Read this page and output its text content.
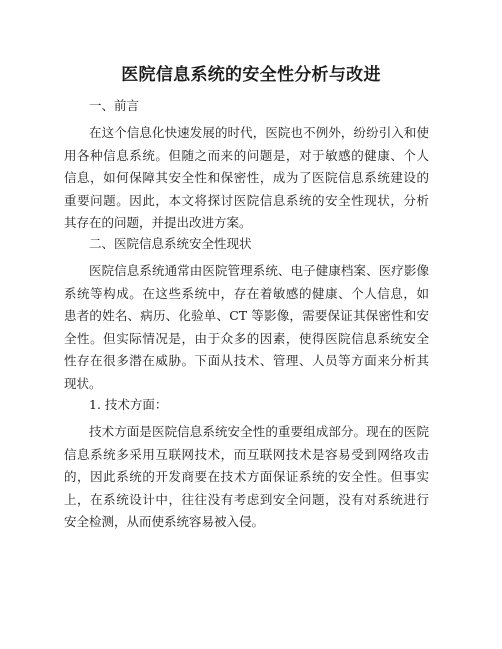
医院信息系统的安全性分析与改进
一、前言
在这个信息化快速发展的时代，医院也不例外，纷纷引入和使
用各种信息系统。但随之而来的问题是，对于敏感的健康、个人
信息，如何保障其安全性和保密性，成为了医院信息系统建设的
重要问题。因此，本文将探讨医院信息系统的安全性现状，分析
其存在的问题，并提出改进方案。
二、医院信息系统安全性现状
医院信息系统通常由医院管理系统、电子健康档案、医疗影像
系统等构成。在这些系统中，存在着敏感的健康、个人信息，如
患者的姓名、病历、化验单、CT 等影像，需要保证其保密性和安
全性。但实际情况是，由于众多的因素，使得医院信息系统安全
性存在很多潜在威胁。下面从技术、管理、人员等方面来分析其
现状。
1. 技术方面：
技术方面是医院信息系统安全性的重要组成部分。现在的医院
信息系统多采用互联网技术，而互联网技术是容易受到网络攻击
的，因此系统的开发商要在技术方面保证系统的安全性。但事实
上，在系统设计中，往往没有考虑到安全问题，没有对系统进行
安全检测，从而使系统容易被入侵。
